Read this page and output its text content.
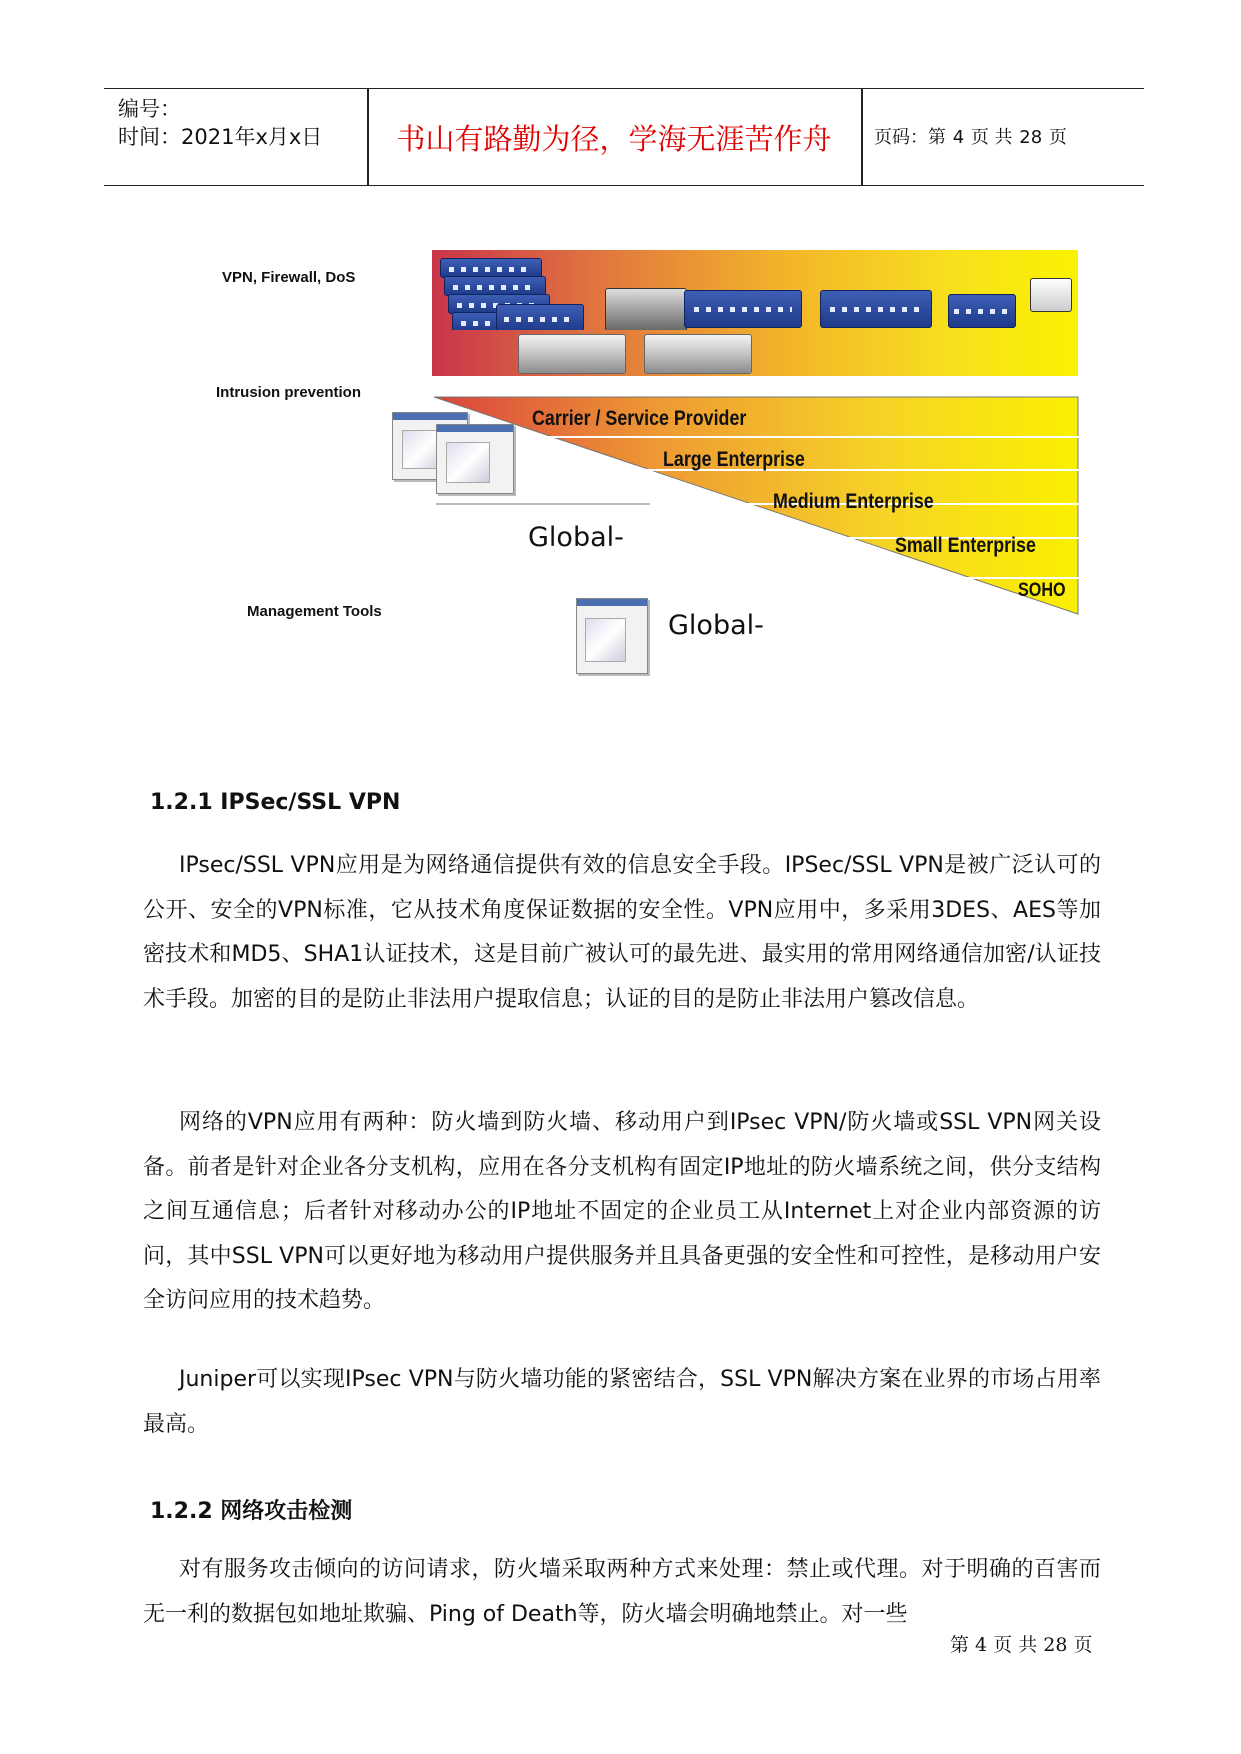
编号：
时间：2021年x月x日	书山有路勤为径，学海无涯苦作舟	页码：第 4 页 共 28 页
VPN, Firewall, DoS
Intrusion prevention
Management Tools
Carrier / Service Provider
Large Enterprise
Medium Enterprise
Small Enterprise
SOHO
Global-
Global-
1.2.1 IPSec/SSL VPN

IPsec/SSL VPN应用是为网络通信提供有效的信息安全手段。IPSec/SSL VPN是被广泛认可的公开、安全的VPN标准，它从技术角度保证数据的安全性。VPN应用中，多采用3DES、AES等加密技术和MD5、SHA1认证技术，这是目前广被认可的最先进、最实用的常用网络通信加密/认证技术手段。加密的目的是防止非法用户提取信息；认证的目的是防止非法用户篡改信息。

网络的VPN应用有两种：防火墙到防火墙、移动用户到IPsec VPN/防火墙或SSL VPN网关设备。前者是针对企业各分支机构，应用在各分支机构有固定IP地址的防火墙系统之间，供分支结构之间互通信息；后者针对移动办公的IP地址不固定的企业员工从Internet上对企业内部资源的访问，其中SSL VPN可以更好地为移动用户提供服务并且具备更强的安全性和可控性，是移动用户安全访问应用的技术趋势。

Juniper可以实现IPsec VPN与防火墙功能的紧密结合，SSL VPN解决方案在业界的市场占用率最高。

1.2.2 网络攻击检测

对有服务攻击倾向的访问请求，防火墙采取两种方式来处理：禁止或代理。对于明确的百害而无一利的数据包如地址欺骗、Ping of Death等，防火墙会明确地禁止。对一些

第 4 页 共 28 页
